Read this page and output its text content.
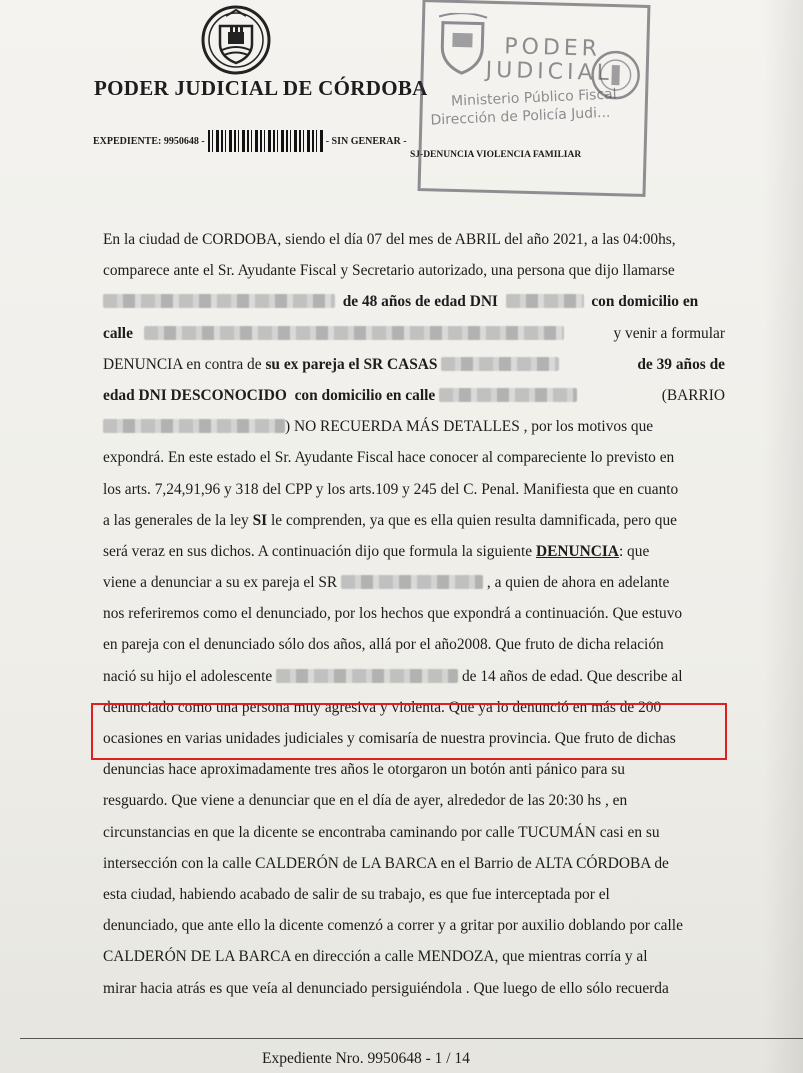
PODER JUDICIAL DE CÓRDOBA
EXPEDIENTE: 9950648 -	- SIN GENERAR -
SJ-DENUNCIA VIOLENCIA FAMILIAR
PODER
JUDICIAL
Ministerio Público Fiscal
Dirección de Policía Judi...
En la ciudad de CORDOBA, siendo el día 07 del mes de ABRIL del año 2021, a las 04:00hs,
comparece ante el Sr. Ayudante Fiscal y Secretario autorizado, una persona que dijo llamarse
de 48 años de edad DNI	con domicilio en
calle	y venir a formular
DENUNCIA en contra de su ex pareja el SR CASAS	de 39 años de
edad DNI DESCONOCIDO con domicilio en calle	(BARRIO
) NO RECUERDA MÁS DETALLES , por los motivos que
expondrá. En este estado el Sr. Ayudante Fiscal hace conocer al compareciente lo previsto en
los arts. 7,24,91,96 y 318 del CPP y los arts.109 y 245 del C. Penal. Manifiesta que en cuanto
a las generales de la ley SI le comprenden, ya que es ella quien resulta damnificada, pero que
será veraz en sus dichos. A continuación dijo que formula la siguiente DENUNCIA: que
viene a denunciar a su ex pareja el SR	, a quien de ahora en adelante
nos referiremos como el denunciado, por los hechos que expondrá a continuación. Que estuvo
en pareja con el denunciado sólo dos años, allá por el año2008. Que fruto de dicha relación
nació su hijo el adolescente	de 14 años de edad. Que describe al
denunciado como una persona muy agresiva y violenta. Que ya lo denunció en más de 200
ocasiones en varias unidades judiciales y comisaría de nuestra provincia. Que fruto de dichas
denuncias hace aproximadamente tres años le otorgaron un botón anti pánico para su
resguardo. Que viene a denunciar que en el día de ayer, alrededor de las 20:30 hs , en
circunstancias en que la dicente se encontraba caminando por calle TUCUMÁN casi en su
intersección con la calle CALDERÓN de LA BARCA en el Barrio de ALTA CÓRDOBA de
esta ciudad, habiendo acabado de salir de su trabajo, es que fue interceptada por el
denunciado, que ante ello la dicente comenzó a correr y a gritar por auxilio doblando por calle
CALDERÓN DE LA BARCA en dirección a calle MENDOZA, que mientras corría y al
mirar hacia atrás es que veía al denunciado persiguiéndola . Que luego de ello sólo recuerda
Expediente Nro. 9950648 - 1 / 14
